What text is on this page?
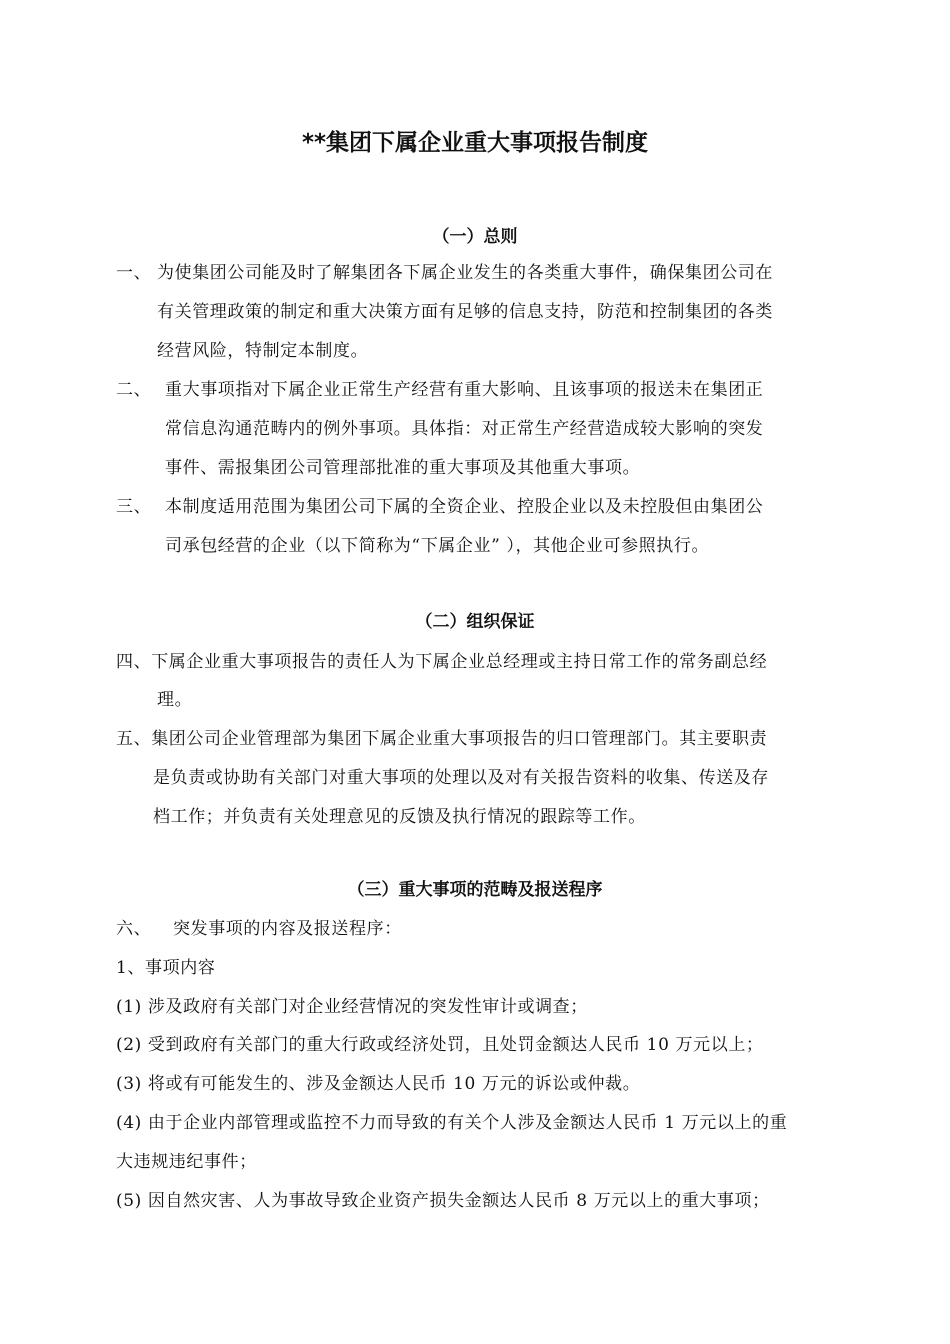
**集团下属企业重大事项报告制度
（一）总则
一、 为使集团公司能及时了解集团各下属企业发生的各类重大事件，确保集团公司在
有关管理政策的制定和重大决策方面有足够的信息支持，防范和控制集团的各类
经营风险，特制定本制度。
二、 重大事项指对下属企业正常生产经营有重大影响、且该事项的报送未在集团正
常信息沟通范畴内的例外事项。具体指：对正常生产经营造成较大影响的突发
事件、需报集团公司管理部批准的重大事项及其他重大事项。
三、 本制度适用范围为集团公司下属的全资企业、控股企业以及未控股但由集团公
司承包经营的企业（以下简称为“下属企业” ），其他企业可参照执行。
（二）组织保证
四、下属企业重大事项报告的责任人为下属企业总经理或主持日常工作的常务副总经
理。
五、集团公司企业管理部为集团下属企业重大事项报告的归口管理部门。其主要职责
是负责或协助有关部门对重大事项的处理以及对有关报告资料的收集、传送及存
档工作；并负责有关处理意见的反馈及执行情况的跟踪等工作。
（三）重大事项的范畴及报送程序
六、 突发事项的内容及报送程序：
1、事项内容
(1) 涉及政府有关部门对企业经营情况的突发性审计或调查；
(2) 受到政府有关部门的重大行政或经济处罚，且处罚金额达人民币 10 万元以上；
(3) 将或有可能发生的、涉及金额达人民币 10 万元的诉讼或仲裁。
(4) 由于企业内部管理或监控不力而导致的有关个人涉及金额达人民币 1 万元以上的重
大违规违纪事件；
(5) 因自然灾害、人为事故导致企业资产损失金额达人民币 8 万元以上的重大事项；
